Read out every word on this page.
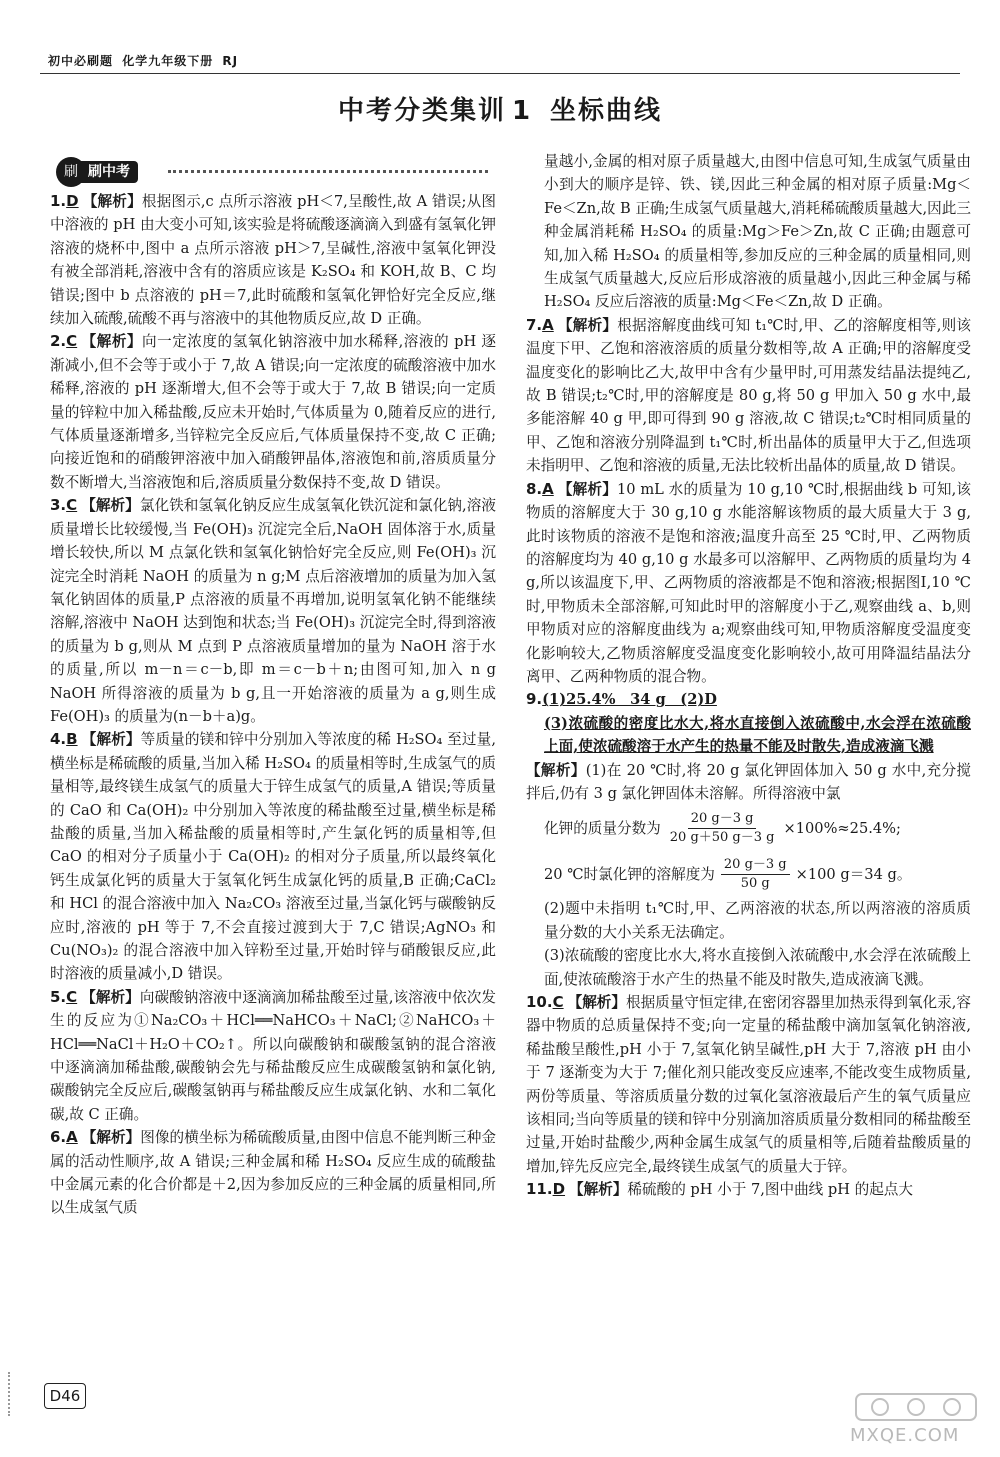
初中必刷题 化学九年级下册 RJ
中考分类集训 1 坐标曲线
刷 刷中考

1.D 【解析】根据图示,c 点所示溶液 pH＜7,呈酸性,故 A 错误;从图中溶液的 pH 由大变小可知,该实验是将硫酸逐滴滴入到盛有氢氧化钾溶液的烧杯中,图中 a 点所示溶液 pH＞7,呈碱性,溶液中氢氧化钾没有被全部消耗,溶液中含有的溶质应该是 K₂SO₄ 和 KOH,故 B、C 均错误;图中 b 点溶液的 pH＝7,此时硫酸和氢氧化钾恰好完全反应,继续加入硫酸,硫酸不再与溶液中的其他物质反应,故 D 正确。

2.C 【解析】向一定浓度的氢氧化钠溶液中加水稀释,溶液的 pH 逐渐减小,但不会等于或小于 7,故 A 错误;向一定浓度的硫酸溶液中加水稀释,溶液的 pH 逐渐增大,但不会等于或大于 7,故 B 错误;向一定质量的锌粒中加入稀盐酸,反应未开始时,气体质量为 0,随着反应的进行,气体质量逐渐增多,当锌粒完全反应后,气体质量保持不变,故 C 正确;向接近饱和的硝酸钾溶液中加入硝酸钾晶体,溶液饱和前,溶质质量分数不断增大,当溶液饱和后,溶质质量分数保持不变,故 D 错误。

3.C 【解析】氯化铁和氢氧化钠反应生成氢氧化铁沉淀和氯化钠,溶液质量增长比较缓慢,当 Fe(OH)₃ 沉淀完全后,NaOH 固体溶于水,质量增长较快,所以 M 点氯化铁和氢氧化钠恰好完全反应,则 Fe(OH)₃ 沉淀完全时消耗 NaOH 的质量为 n g;M 点后溶液增加的质量为加入氢氧化钠固体的质量,P 点溶液的质量不再增加,说明氢氧化钠不能继续溶解,溶液中 NaOH 达到饱和状态;当 Fe(OH)₃ 沉淀完全时,得到溶液的质量为 b g,则从 M 点到 P 点溶液质量增加的量为 NaOH 溶于水的质量,所以 m－n＝c－b,即 m＝c－b＋n;由图可知,加入 n g NaOH 所得溶液的质量为 b g,且一开始溶液的质量为 a g,则生成 Fe(OH)₃ 的质量为(n－b＋a)g。

4.B 【解析】等质量的镁和锌中分别加入等浓度的稀 H₂SO₄ 至过量,横坐标是稀硫酸的质量,当加入稀 H₂SO₄ 的质量相等时,生成氢气的质量相等,最终镁生成氢气的质量大于锌生成氢气的质量,A 错误;等质量的 CaO 和 Ca(OH)₂ 中分别加入等浓度的稀盐酸至过量,横坐标是稀盐酸的质量,当加入稀盐酸的质量相等时,产生氯化钙的质量相等,但 CaO 的相对分子质量小于 Ca(OH)₂ 的相对分子质量,所以最终氧化钙生成氯化钙的质量大于氢氧化钙生成氯化钙的质量,B 正确;CaCl₂ 和 HCl 的混合溶液中加入 Na₂CO₃ 溶液至过量,当氯化钙与碳酸钠反应时,溶液的 pH 等于 7,不会直接过渡到大于 7,C 错误;AgNO₃ 和 Cu(NO₃)₂ 的混合溶液中加入锌粉至过量,开始时锌与硝酸银反应,此时溶液的质量减小,D 错误。

5.C 【解析】向碳酸钠溶液中逐滴滴加稀盐酸至过量,该溶液中依次发生的反应为①Na₂CO₃＋HCl══NaHCO₃＋NaCl;②NaHCO₃＋HCl══NaCl＋H₂O＋CO₂↑。所以向碳酸钠和碳酸氢钠的混合溶液中逐滴滴加稀盐酸,碳酸钠会先与稀盐酸反应生成碳酸氢钠和氯化钠,碳酸钠完全反应后,碳酸氢钠再与稀盐酸反应生成氯化钠、水和二氧化碳,故 C 正确。

6.A 【解析】图像的横坐标为稀硫酸质量,由图中信息不能判断三种金属的活动性顺序,故 A 错误;三种金属和稀 H₂SO₄ 反应生成的硫酸盐中金属元素的化合价都是＋2,因为参加反应的三种金属的质量相同,所以生成氢气质

量越小,金属的相对原子质量越大,由图中信息可知,生成氢气质量由小到大的顺序是锌、铁、镁,因此三种金属的相对原子质量:Mg＜Fe＜Zn,故 B 正确;生成氢气质量越大,消耗稀硫酸质量越大,因此三种金属消耗稀 H₂SO₄ 的质量:Mg＞Fe＞Zn,故 C 正确;由题意可知,加入稀 H₂SO₄ 的质量相等,参加反应的三种金属的质量相同,则生成氢气质量越大,反应后形成溶液的质量越小,因此三种金属与稀 H₂SO₄ 反应后溶液的质量:Mg＜Fe＜Zn,故 D 正确。

7.A 【解析】根据溶解度曲线可知 t₁℃时,甲、乙的溶解度相等,则该温度下甲、乙饱和溶液溶质的质量分数相等,故 A 正确;甲的溶解度受温度变化的影响比乙大,故甲中含有少量甲时,可用蒸发结晶法提纯乙,故 B 错误;t₂℃时,甲的溶解度是 80 g,将 50 g 甲加入 50 g 水中,最多能溶解 40 g 甲,即可得到 90 g 溶液,故 C 错误;t₂℃时相同质量的甲、乙饱和溶液分别降温到 t₁℃时,析出晶体的质量甲大于乙,但选项未指明甲、乙饱和溶液的质量,无法比较析出晶体的质量,故 D 错误。

8.A 【解析】10 mL 水的质量为 10 g,10 ℃时,根据曲线 b 可知,该物质的溶解度大于 30 g,10 g 水能溶解该物质的最大质量大于 3 g,此时该物质的溶液不是饱和溶液;温度升高至 25 ℃时,甲、乙两物质的溶解度均为 40 g,10 g 水最多可以溶解甲、乙两物质的质量均为 4 g,所以该温度下,甲、乙两物质的溶液都是不饱和溶液;根据图Ⅰ,10 ℃时,甲物质未全部溶解,可知此时甲的溶解度小于乙,观察曲线 a、b,则甲物质对应的溶解度曲线为 a;观察曲线可知,甲物质溶解度受温度变化影响较大,乙物质溶解度受温度变化影响较小,故可用降温结晶法分离甲、乙两种物质的混合物。

9.(1)25.4%　34 g　(2)D

(3)浓硫酸的密度比水大,将水直接倒入浓硫酸中,水会浮在浓硫酸上面,使浓硫酸溶于水产生的热量不能及时散失,造成液滴飞溅

【解析】(1)在 20 ℃时,将 20 g 氯化钾固体加入 50 g 水中,充分搅拌后,仍有 3 g 氯化钾固体未溶解。所得溶液中氯

化钾的质量分数为 $\frac{20 g-3 g}{20 g+50 g-3 g} \times 100\%\approx 25.4\%$;
20 ℃时氯化钾的溶解度为 $\frac{20 g-3 g}{50 g} \times 100$ g＝34 g。

(2)题中未指明 t₁℃时,甲、乙两溶液的状态,所以两溶液的溶质质量分数的大小关系无法确定。

(3)浓硫酸的密度比水大,将水直接倒入浓硫酸中,水会浮在浓硫酸上面,使浓硫酸溶于水产生的热量不能及时散失,造成液滴飞溅。

10.C 【解析】根据质量守恒定律,在密闭容器里加热汞得到氧化汞,容器中物质的总质量保持不变;向一定量的稀盐酸中滴加氢氧化钠溶液,稀盐酸呈酸性,pH 小于 7,氢氧化钠呈碱性,pH 大于 7,溶液 pH 由小于 7 逐渐变为大于 7;催化剂只能改变反应速率,不能改变生成物质量,两份等质量、等溶质质量分数的过氧化氢溶液最后产生的氧气质量应该相同;当向等质量的镁和锌中分别滴加溶质质量分数相同的稀盐酸至过量,开始时盐酸少,两种金属生成氢气的质量相等,后随着盐酸质量的增加,锌先反应完全,最终镁生成氢气的质量大于锌。

11.D 【解析】稀硫酸的 pH 小于 7,图中曲线 pH 的起点大

D46
MXQE.COM
